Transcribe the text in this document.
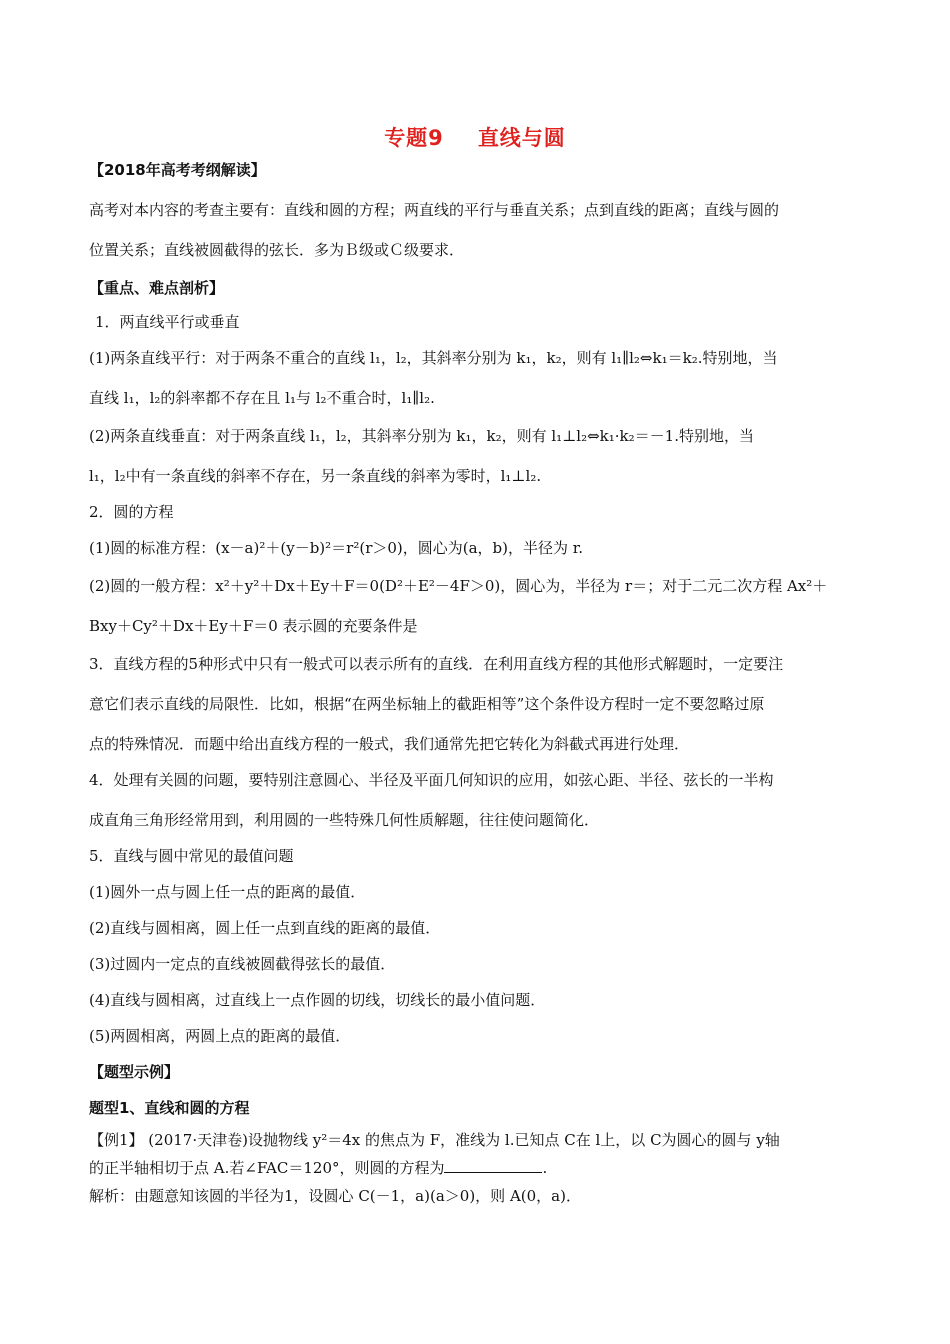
专题9 直线与圆
【2018年高考考纲解读】
高考对本内容的考查主要有：直线和圆的方程；两直线的平行与垂直关系；点到直线的距离；直线与圆的
位置关系；直线被圆截得的弦长．多为Ｂ级或Ｃ级要求．
【重点、难点剖析】
1．两直线平行或垂直
(1)两条直线平行：对于两条不重合的直线 l₁，l₂，其斜率分别为 k₁，k₂，则有 l₁∥l₂⇔k₁＝k₂.特别地，当
直线 l₁，l₂的斜率都不存在且 l₁与 l₂不重合时，l₁∥l₂.
(2)两条直线垂直：对于两条直线 l₁，l₂，其斜率分别为 k₁，k₂，则有 l₁⊥l₂⇔k₁·k₂＝－1.特别地，当
l₁，l₂中有一条直线的斜率不存在，另一条直线的斜率为零时，l₁⊥l₂.
2．圆的方程
(1)圆的标准方程：(x－a)²＋(y－b)²＝r²(r＞0)，圆心为(a，b)，半径为 r.
(2)圆的一般方程：x²＋y²＋Dx＋Ey＋F＝0(D²＋E²－4F＞0)，圆心为，半径为 r＝；对于二元二次方程 Ax²＋
Bxy＋Cy²＋Dx＋Ey＋F＝0 表示圆的充要条件是
3．直线方程的5种形式中只有一般式可以表示所有的直线．在利用直线方程的其他形式解题时，一定要注
意它们表示直线的局限性．比如，根据“在两坐标轴上的截距相等”这个条件设方程时一定不要忽略过原
点的特殊情况．而题中给出直线方程的一般式，我们通常先把它转化为斜截式再进行处理．
4．处理有关圆的问题，要特别注意圆心、半径及平面几何知识的应用，如弦心距、半径、弦长的一半构
成直角三角形经常用到，利用圆的一些特殊几何性质解题，往往使问题简化．
5．直线与圆中常见的最值问题
(1)圆外一点与圆上任一点的距离的最值．
(2)直线与圆相离，圆上任一点到直线的距离的最值．
(3)过圆内一定点的直线被圆截得弦长的最值．
(4)直线与圆相离，过直线上一点作圆的切线，切线长的最小值问题．
(5)两圆相离，两圆上点的距离的最值．
【题型示例】
题型1、直线和圆的方程
【例1】 (2017·天津卷)设抛物线 y²＝4x 的焦点为 F，准线为 l.已知点 C在 l上，以 C为圆心的圆与 y轴
的正半轴相切于点 A.若∠FAC＝120°，则圆的方程为	.
解析：由题意知该圆的半径为1，设圆心 C(－1，a)(a＞0)，则 A(0，a)．
